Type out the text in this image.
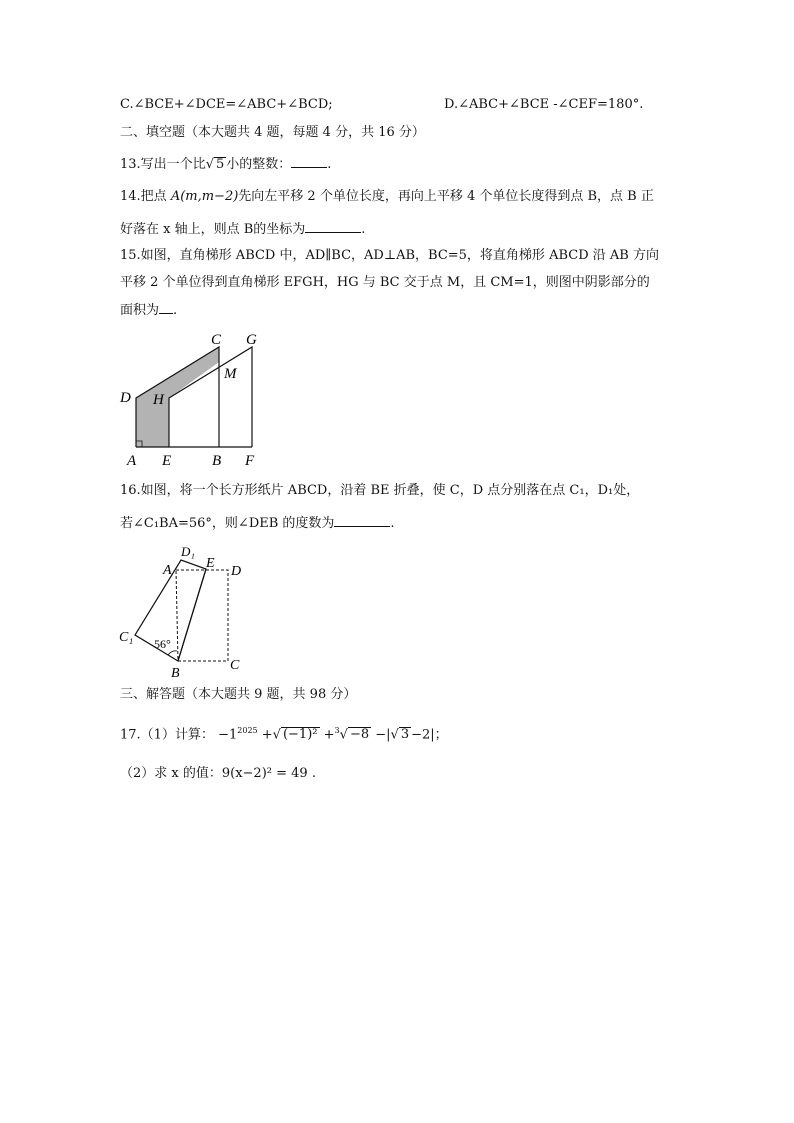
C.∠BCE+∠DCE=∠ABC+∠BCD;	D.∠ABC+∠BCE -∠CEF=180°.
二、填空题（本大题共 4 题，每题 4 分，共 16 分）
13.写出一个比√ 5 小的整数：	.
14.把点 A(m,m−2)先向左平移 2 个单位长度，再向上平移 4 个单位长度得到点 B，点 B 正
好落在 x 轴上，则点 B的坐标为	.
15.如图，直角梯形 ABCD 中，AD∥BC，AD⊥AB，BC=5，将直角梯形 ABCD 沿 AB 方向
平移 2 个单位得到直角梯形 EFGH，HG 与 BC 交于点 M，且 CM=1，则图中阴影部分的
面积为 .
A E	B F
D H
C G
M
16.如图，将一个长方形纸片 ABCD，沿着 BE 折叠，使 C，D 点分别落在点 C₁，D₁处，
若∠C₁BA=56°，则∠DEB 的度数为	.
A
D₁
E
D
C₁ 56°
B
C
三、解答题（本大题共 9 题，共 98 分）
17.（1）计算： $-1^{2025}$ +√ (−1)² +$^3$√ −8 −|√ 3 −2|；
（2）求 x 的值：9(x−2)² = 49 .
